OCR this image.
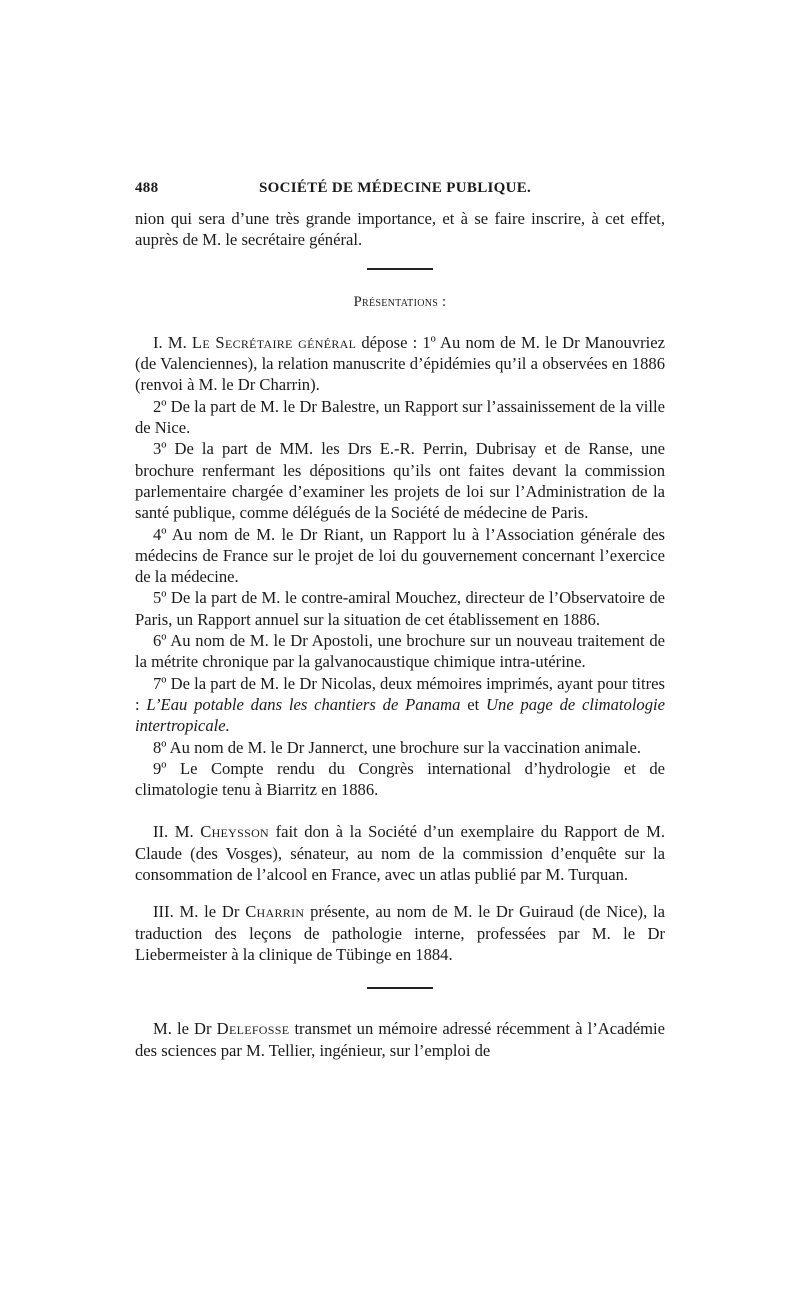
488	SOCIÉTÉ DE MÉDECINE PUBLIQUE.

nion qui sera d’une très grande importance, et à se faire inscrire, à cet effet, auprès de M. le secrétaire général.

Présentations :

I. M. Le Secrétaire général dépose : 1º Au nom de M. le Dr Manouvriez (de Valenciennes), la relation manuscrite d’épidémies qu’il a observées en 1886 (renvoi à M. le Dr Charrin).

2º De la part de M. le Dr Balestre, un Rapport sur l’assainissement de la ville de Nice.

3º De la part de MM. les Drs E.-R. Perrin, Dubrisay et de Ranse, une brochure renfermant les dépositions qu’ils ont faites devant la commission parlementaire chargée d’examiner les projets de loi sur l’Administration de la santé publique, comme délégués de la Société de médecine de Paris.

4º Au nom de M. le Dr Riant, un Rapport lu à l’Association générale des médecins de France sur le projet de loi du gouvernement concernant l’exercice de la médecine.

5º De la part de M. le contre-amiral Mouchez, directeur de l’Observatoire de Paris, un Rapport annuel sur la situation de cet établissement en 1886.

6º Au nom de M. le Dr Apostoli, une brochure sur un nouveau traitement de la métrite chronique par la galvanocaustique chimique intra-utérine.

7º De la part de M. le Dr Nicolas, deux mémoires imprimés, ayant pour titres : L’Eau potable dans les chantiers de Panama et Une page de climatologie intertropicale.

8º Au nom de M. le Dr Jannerct, une brochure sur la vaccination animale.

9º Le Compte rendu du Congrès international d’hydrologie et de climatologie tenu à Biarritz en 1886.

II. M. Cheysson fait don à la Société d’un exemplaire du Rapport de M. Claude (des Vosges), sénateur, au nom de la commission d’enquête sur la consommation de l’alcool en France, avec un atlas publié par M. Turquan.

III. M. le Dr Charrin présente, au nom de M. le Dr Guiraud (de Nice), la traduction des leçons de pathologie interne, professées par M. le Dr Liebermeister à la clinique de Tübinge en 1884.

M. le Dr Delefosse transmet un mémoire adressé récemment à l’Académie des sciences par M. Tellier, ingénieur, sur l’emploi de
